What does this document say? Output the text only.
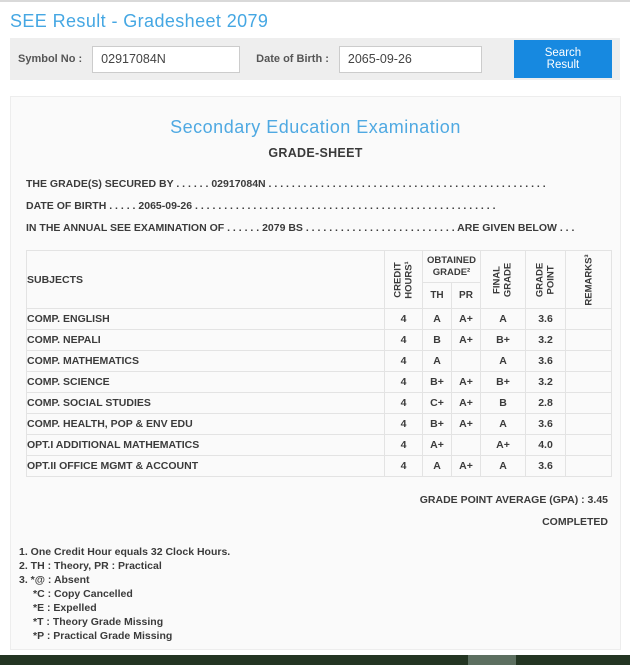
SEE Result - Gradesheet 2079
Symbol No :
02917084N	Date of Birth :
2065-09-26	Search Result
Secondary Education Examination
GRADE-SHEET
THE GRADE(S) SECURED BY . . . . . . 02917084N . . . . . . . . . . . . . . . . . . . . . . . . . . . . . . . . . . . . . . . . . . . . . . . .
DATE OF BIRTH . . . . . 2065-09-26 . . . . . . . . . . . . . . . . . . . . . . . . . . . . . . . . . . . . . . . . . . . . . . . . . . . .
IN THE ANNUAL SEE EXAMINATION OF . . . . . . 2079 BS . . . . . . . . . . . . . . . . . . . . . . . . . . ARE GIVEN BELOW . . .
SUBJECTS	CREDIT HOURS¹	OBTAINED GRADE²		FINAL GRADE	GRADE POINT	REMARKS³

		TH	PR			
COMP. ENGLISH	4	A	A+	A	3.6	
COMP. NEPALI	4	B	A+	B+	3.2	
COMP. MATHEMATICS	4	A		A	3.6	
COMP. SCIENCE	4	B+	A+	B+	3.2	
COMP. SOCIAL STUDIES	4	C+	A+	B	2.8	
COMP. HEALTH, POP & ENV EDU	4	B+	A+	A	3.6	
OPT.I ADDITIONAL MATHEMATICS	4	A+		A+	4.0	
OPT.II OFFICE MGMT & ACCOUNT	4	A	A+	A	3.6	
GRADE POINT AVERAGE (GPA) : 3.45
COMPLETED
1. One Credit Hour equals 32 Clock Hours.
2. TH : Theory, PR : Practical
3. *@ : Absent
*C : Copy Cancelled
*E : Expelled
*T : Theory Grade Missing
*P : Practical Grade Missing
